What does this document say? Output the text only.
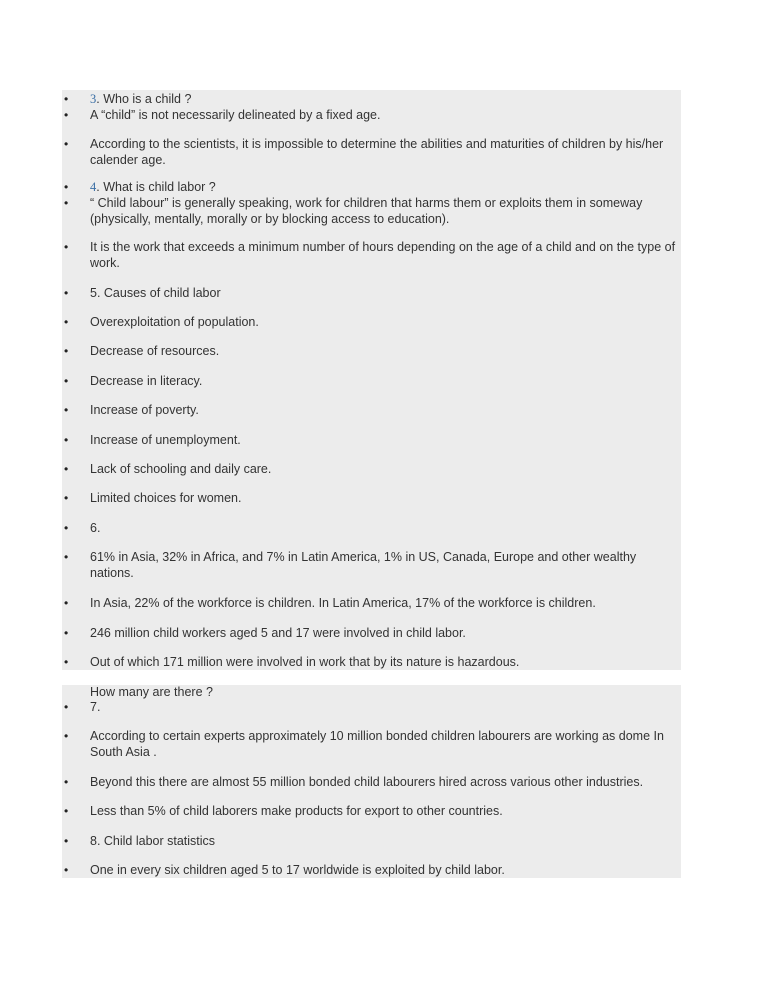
•	3. Who is a child ?
•	A “child” is not necessarily delineated by a fixed age.
•	According to the scientists, it is impossible to determine the abilities and maturities of children by his/her calender age.
•	4. What is child labor ?
•	“ Child labour” is generally speaking, work for children that harms them or exploits them in someway (physically, mentally, morally or by blocking access to education).
•	It is the work that exceeds a minimum number of hours depending on the age of a child and on the type of work.
•	5. Causes of child labor
•	Overexploitation of population.
•	Decrease of resources.
•	Decrease in literacy.
•	Increase of poverty.
•	Increase of unemployment.
•	Lack of schooling and daily care.
•	Limited choices for women.
•	6.
•	61% in Asia, 32% in Africa, and 7% in Latin America, 1% in US, Canada, Europe and other wealthy nations.
•	In Asia, 22% of the workforce is children. In Latin America, 17% of the workforce is children.
•	246 million child workers aged 5 and 17 were involved in child labor.
•	Out of which 171 million were involved in work that by its nature is hazardous.
How many are there ?
•	7.
•	According to certain experts approximately 10 million bonded children labourers are working as dome In South Asia .
•	Beyond this there are almost 55 million bonded child labourers hired across various other industries.
•	Less than 5% of child laborers make products for export to other countries.
•	8. Child labor statistics
•	One in every six children aged 5 to 17 worldwide is exploited by child labor.
